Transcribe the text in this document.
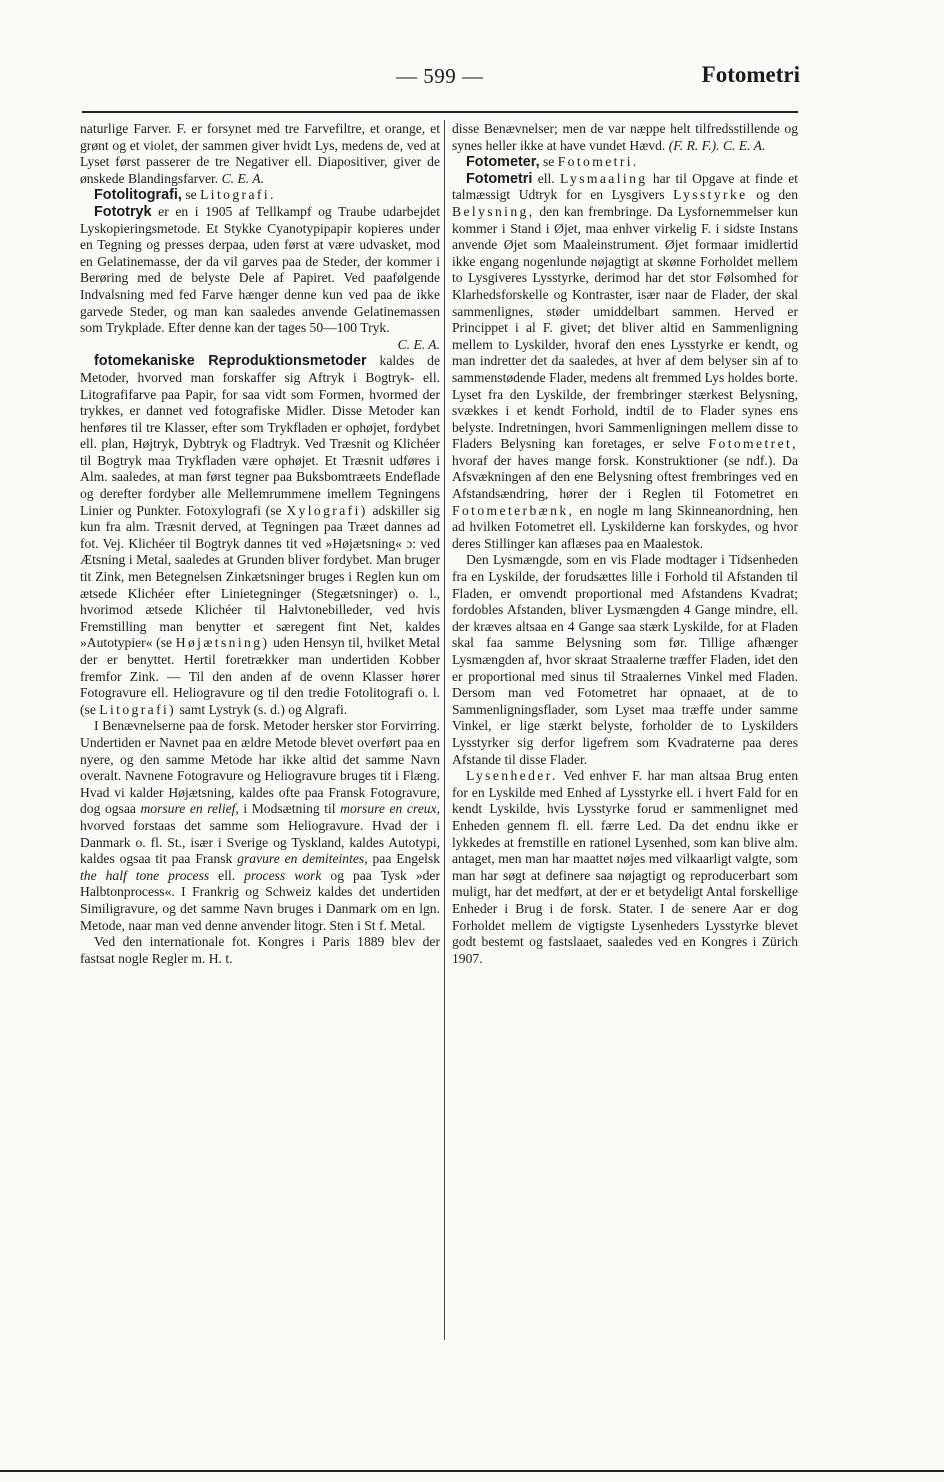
— 599 —	Fotometri

naturlige Farver. F. er forsynet med tre Farvefiltre, et orange, et grønt og et violet, der sammen giver hvidt Lys, medens de, ved at Lyset først passerer de tre Negativer ell. Diapositiver, giver de ønskede Blandingsfarver. C. E. A.

Fotolitografi, se Litografi.

Fototryk er en i 1905 af Tellkampf og Traube udarbejdet Lyskopieringsmetode. Et Stykke Cyanotypipapir kopieres under en Tegning og presses derpaa, uden først at være udvasket, mod en Gelatinemasse, der da vil garves paa de Steder, der kommer i Berøring med de belyste Dele af Papiret. Ved paafølgende Indvalsning med fed Farve hænger denne kun ved paa de ikke garvede Steder, og man kan saaledes anvende Gelatinemassen som Trykplade. Efter denne kan der tages 50—100 Tryk.

C. E. A.

fotomekaniske Reproduktionsmetoder kaldes de Metoder, hvorved man forskaffer sig Aftryk i Bogtryk- ell. Litografifarve paa Papir, for saa vidt som Formen, hvormed der trykkes, er dannet ved fotografiske Midler. Disse Metoder kan henføres til tre Klasser, efter som Trykfladen er ophøjet, fordybet ell. plan, Højtryk, Dybtryk og Fladtryk. Ved Træsnit og Klichéer til Bogtryk maa Trykfladen være ophøjet. Et Træsnit udføres i Alm. saaledes, at man først tegner paa Buksbomtræets Endeflade og derefter fordyber alle Mellemrummene imellem Tegningens Linier og Punkter. Fotoxylografi (se Xylografi) adskiller sig kun fra alm. Træsnit derved, at Tegningen paa Træet dannes ad fot. Vej. Klichéer til Bogtryk dannes tit ved »Højætsning« ɔ: ved Ætsning i Metal, saaledes at Grunden bliver fordybet. Man bruger tit Zink, men Betegnelsen Zinkætsninger bruges i Reglen kun om ætsede Klichéer efter Linietegninger (Stegætsninger) o. l., hvorimod ætsede Klichéer til Halvtonebilleder, ved hvis Fremstilling man benytter et særegent fint Net, kaldes »Autotypier« (se Højætsning) uden Hensyn til, hvilket Metal der er benyttet. Hertil foretrækker man undertiden Kobber fremfor Zink. — Til den anden af de ovenn Klasser hører Fotogravure ell. Heliogravure og til den tredie Fotolitografi o. l. (se Litografi) samt Lystryk (s. d.) og Algrafi.

I Benævnelserne paa de forsk. Metoder hersker stor Forvirring. Undertiden er Navnet paa en ældre Metode blevet overført paa en nyere, og den samme Metode har ikke altid det samme Navn overalt. Navnene Fotogravure og Heliogravure bruges tit i Flæng. Hvad vi kalder Højætsning, kaldes ofte paa Fransk Fotogravure, dog ogsaa morsure en relief, i Modsætning til morsure en creux, hvorved forstaas det samme som Heliogravure. Hvad der i Danmark o. fl. St., især i Sverige og Tyskland, kaldes Autotypi, kaldes ogsaa tit paa Fransk gravure en demiteintes, paa Engelsk the half tone process ell. process work og paa Tysk »der Halbtonprocess«. I Frankrig og Schweiz kaldes det undertiden Similigravure, og det samme Navn bruges i Danmark om en lgn. Metode, naar man ved denne anvender litogr. Sten i St f. Metal.

Ved den internationale fot. Kongres i Paris 1889 blev der fastsat nogle Regler m. H. t.

disse Benævnelser; men de var næppe helt tilfredsstillende og synes heller ikke at have vundet Hævd. (F. R. F.). C. E. A.

Fotometer, se Fotometri.

Fotometri ell. Lysmaaling har til Opgave at finde et talmæssigt Udtryk for en Lysgivers Lysstyrke og den Belysning, den kan frembringe. Da Lysfornemmelser kun kommer i Stand i Øjet, maa enhver virkelig F. i sidste Instans anvende Øjet som Maaleinstrument. Øjet formaar imidlertid ikke engang nogenlunde nøjagtigt at skønne Forholdet mellem to Lysgiveres Lysstyrke, derimod har det stor Følsomhed for Klarhedsforskelle og Kontraster, især naar de Flader, der skal sammenlignes, støder umiddelbart sammen. Herved er Princippet i al F. givet; det bliver altid en Sammenligning mellem to Lyskilder, hvoraf den enes Lysstyrke er kendt, og man indretter det da saaledes, at hver af dem belyser sin af to sammenstødende Flader, medens alt fremmed Lys holdes borte. Lyset fra den Lyskilde, der frembringer stærkest Belysning, svækkes i et kendt Forhold, indtil de to Flader synes ens belyste. Indretningen, hvori Sammenligningen mellem disse to Fladers Belysning kan foretages, er selve Fotometret, hvoraf der haves mange forsk. Konstruktioner (se ndf.). Da Afsvækningen af den ene Belysning oftest frembringes ved en Afstandsændring, hører der i Reglen til Fotometret en Fotometerbænk, en nogle m lang Skinneanordning, hen ad hvilken Fotometret ell. Lyskilderne kan forskydes, og hvor deres Stillinger kan aflæses paa en Maalestok.

Den Lysmængde, som en vis Flade modtager i Tidsenheden fra en Lyskilde, der forudsættes lille i Forhold til Afstanden til Fladen, er omvendt proportional med Afstandens Kvadrat; fordobles Afstanden, bliver Lysmængden 4 Gange mindre, ell. der kræves altsaa en 4 Gange saa stærk Lyskilde, for at Fladen skal faa samme Belysning som før. Tillige afhænger Lysmængden af, hvor skraat Straalerne træffer Fladen, idet den er proportional med sinus til Straalernes Vinkel med Fladen. Dersom man ved Fotometret har opnaaet, at de to Sammenligningsflader, som Lyset maa træffe under samme Vinkel, er lige stærkt belyste, forholder de to Lyskilders Lysstyrker sig derfor ligefrem som Kvadraterne paa deres Afstande til disse Flader.

Lysenheder. Ved enhver F. har man altsaa Brug enten for en Lyskilde med Enhed af Lysstyrke ell. i hvert Fald for en kendt Lyskilde, hvis Lysstyrke forud er sammenlignet med Enheden gennem fl. ell. færre Led. Da det endnu ikke er lykkedes at fremstille en rationel Lysenhed, som kan blive alm. antaget, men man har maattet nøjes med vilkaarligt valgte, som man har søgt at definere saa nøjagtigt og reproducerbart som muligt, har det medført, at der er et betydeligt Antal forskellige Enheder i Brug i de forsk. Stater. I de senere Aar er dog Forholdet mellem de vigtigste Lysenheders Lysstyrke blevet godt bestemt og fastslaaet, saaledes ved en Kongres i Zürich 1907.
